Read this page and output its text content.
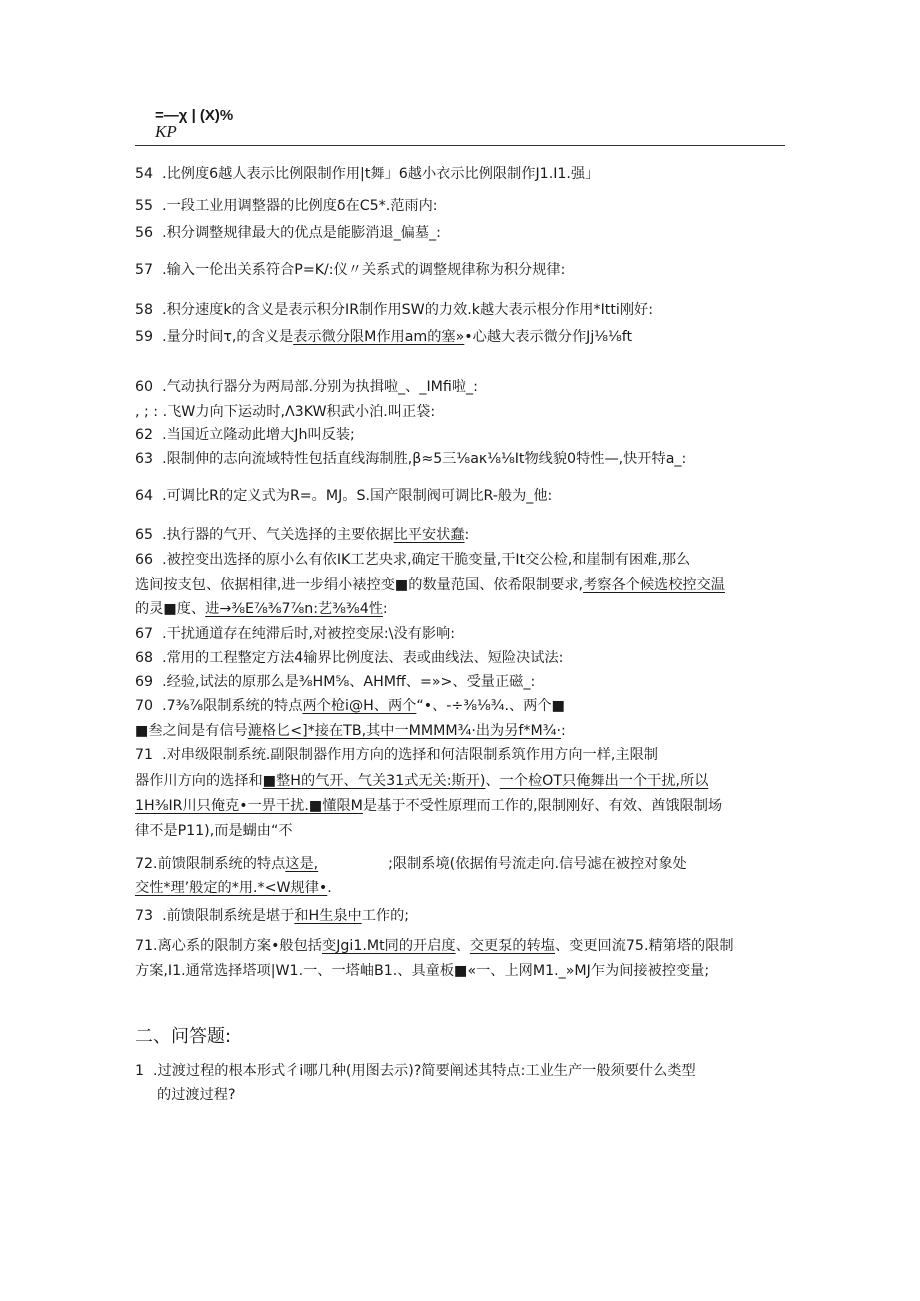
=—χ | (X)%
KP
54  .比例度6越人表示比例限制作用|t舞」6越小衣示比例限制作J1.I1.强」
55  .一段工业用调整器的比例度δ在C5*.范雨内:
56  .积分调整规律最大的优点是能膨消退_偏墓_:
57  .输入一伦出关系符合P=K/:仪〃关系式的调整规律称为积分规律:
58  .积分速度k的含义是表示积分IR制作用SW的力效.k越大表示根分作用*Itti刚好:
59  .量分时间τ,的含义是表示微分限M作用am的塞»•心越大表示微分作Jj⅛⅛ft
60  .气动执行器分为两局部.分别为执揖啦_、_IMfi啦_:
, ; : .飞W力向下运动时,Λ3KW积武小泊.叫正袋:
62  .当国近立隆动此增大Jh叫反装;
63  .限制伸的志向流域特性包括直线海制胜,β≈5三⅛aκ⅛⅛It物线貌0特性—,快开特a_:
64  .可调比R的定义式为R=。MJ。S.国产限制阀可调比R-般为_他:
65  .执行器的气开、气关选择的主要依据比平安状蠢:
66  .被控变出选择的原小么有依IK工艺央求,确定干脆变量,干It交公检,和崖制有困难,那么
选间按支包、依据相律,进一步绢小裱控变■的数量范国、依希限制要求,考察各个候选校控交温
的灵■度、进→⅜E⅞⅜7⅞n:艺⅜⅜4性:
67  .干扰通道存在纯滞后时,对被控变尿:\没有影响:
68  .常用的工程整定方法4输界比例度法、表或曲线法、短险决试法:
69  .经验,试法的原那么是⅜HM⅝、AHMff、=»>、受量正磁_:
70  .7⅜⅞限制系统的特点两个枪i@H、两个“•、-÷⅜⅛¾.、两个■
■叁之间是有信号漉格匕<]*接在TB,其中一MMMM¾·出为另f*M¾·:
71  .对串级限制系统.副限制器作用方向的选择和何洁限制系筑作用方向一样,主限制
器作川方向的选择和■整H的气开、气关31式无关:斯开)、一个检OT只俺舞出一个干扰,所以
1H⅜IR川只俺克•一畀干扰.■懂限M是基于不受性原理而工作的,限制刚好、有效、酋饿限制场
律不是P11),而是蝴由“不
72.前馈限制系统的特点这是,	;限制系境(依据侑号流走向.信号滤在被控对象处
交性*理’般定的*用.*<W规律•.
73  .前馈限制系统是堪于和H生泉中工作的;
71.离心系的限制方案•般包括变Jgi1.Mt同的开启度、交更泵的转塩、变更回流75.精第塔的限制
方案,I1.通常选择塔项|W1.一、一塔岫B1.、具童板■«一、上网M1._»MJ乍为间接被控变量;
二、问答题:
1  .过渡过程的根本形式彳i哪几种(用图去示)?简要阐述其特点:工业生产一般须要什么类型
的过渡过程?
